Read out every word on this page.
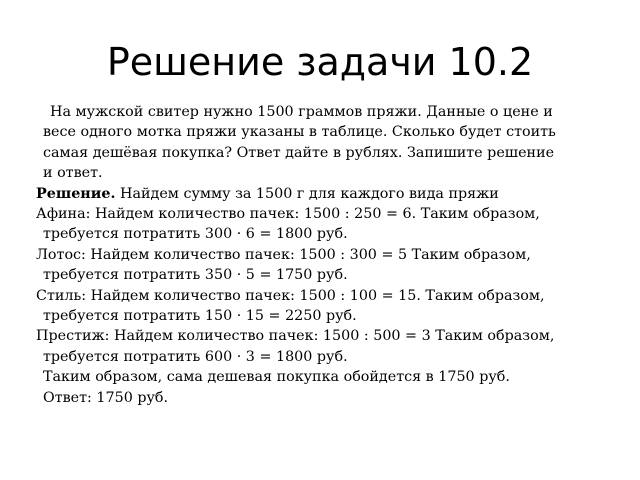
Решение задачи 10.2
На мужской свитер нужно 1500 граммов пряжи. Данные о цене и
весе одного мотка пряжи указаны в таблице. Сколько будет стоить
самая дешёвая покупка? Ответ дайте в рублях. Запишите решение
и ответ.
Решение. Найдем сумму за 1500 г для каждого вида пряжи
Афина: Найдем количество пачек: 1500 : 250 = 6. Таким образом,
требуется потратить 300 · 6 = 1800 руб.
Лотос: Найдем количество пачек: 1500 : 300 = 5 Таким образом,
требуется потратить 350 · 5 = 1750 руб.
Стиль: Найдем количество пачек: 1500 : 100 = 15. Таким образом,
требуется потратить 150 · 15 = 2250 руб.
Престиж: Найдем количество пачек: 1500 : 500 = 3 Таким образом,
требуется потратить 600 · 3 = 1800 руб.
Таким образом, сама дешевая покупка обойдется в 1750 руб.
Ответ: 1750 руб.
